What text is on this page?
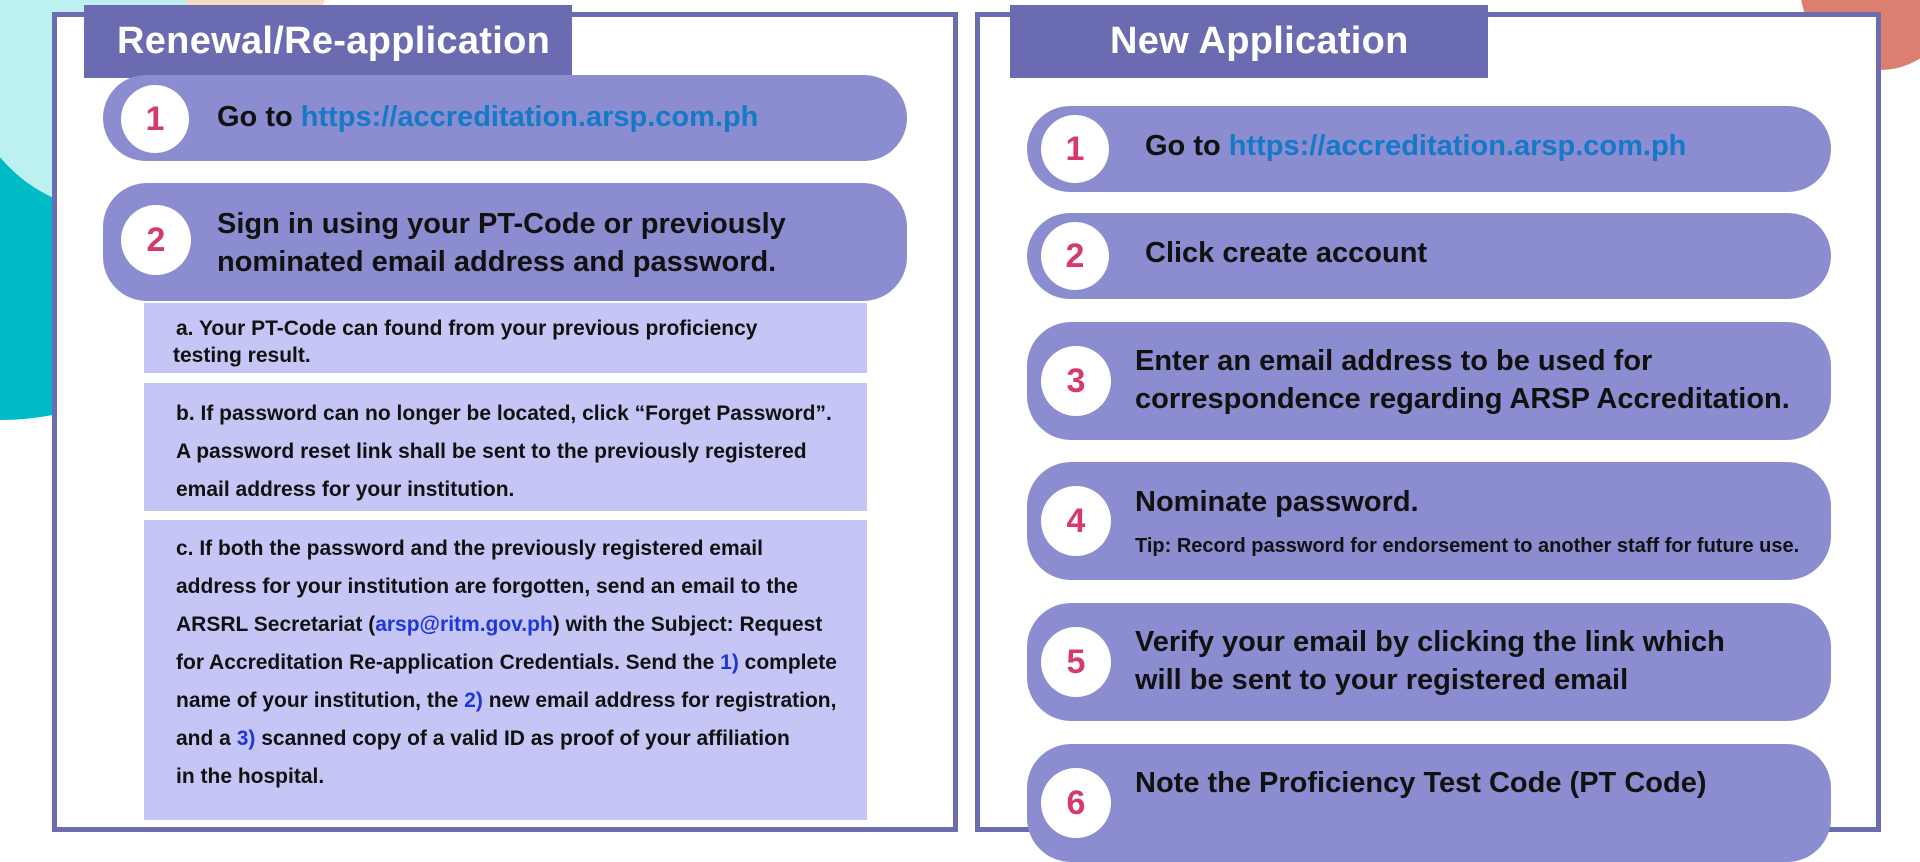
Renewal/Re-application
1	Go to https://accreditation.arsp.com.ph
2	Sign in using your PT-Code or previously
nominated email address and password.

a. Your PT-Code can found from your previous proficiency

testing result.

b. If password can no longer be located, click “Forget Password”.

A password reset link shall be sent to the previously registered

email address for your institution.

c. If both the password and the previously registered email

address for your institution are forgotten, send an email to the

ARSRL Secretariat (arsp@ritm.gov.ph) with the Subject: Request

for Accreditation Re-application Credentials. Send the 1) complete

name of your institution, the 2) new email address for registration,

and a 3) scanned copy of a valid ID as proof of your affiliation

in the hospital.

New Application
1	Go to https://accreditation.arsp.com.ph
2	Click create account
3
Enter an email address to be used for
correspondence regarding ARSP Accreditation.
4	Nominate password.
Tip: Record password for endorsement to another staff for future use.
5
Verify your email by clicking the link which
will be sent to your registered email
6
Note the Proficiency Test Code (PT Code)
